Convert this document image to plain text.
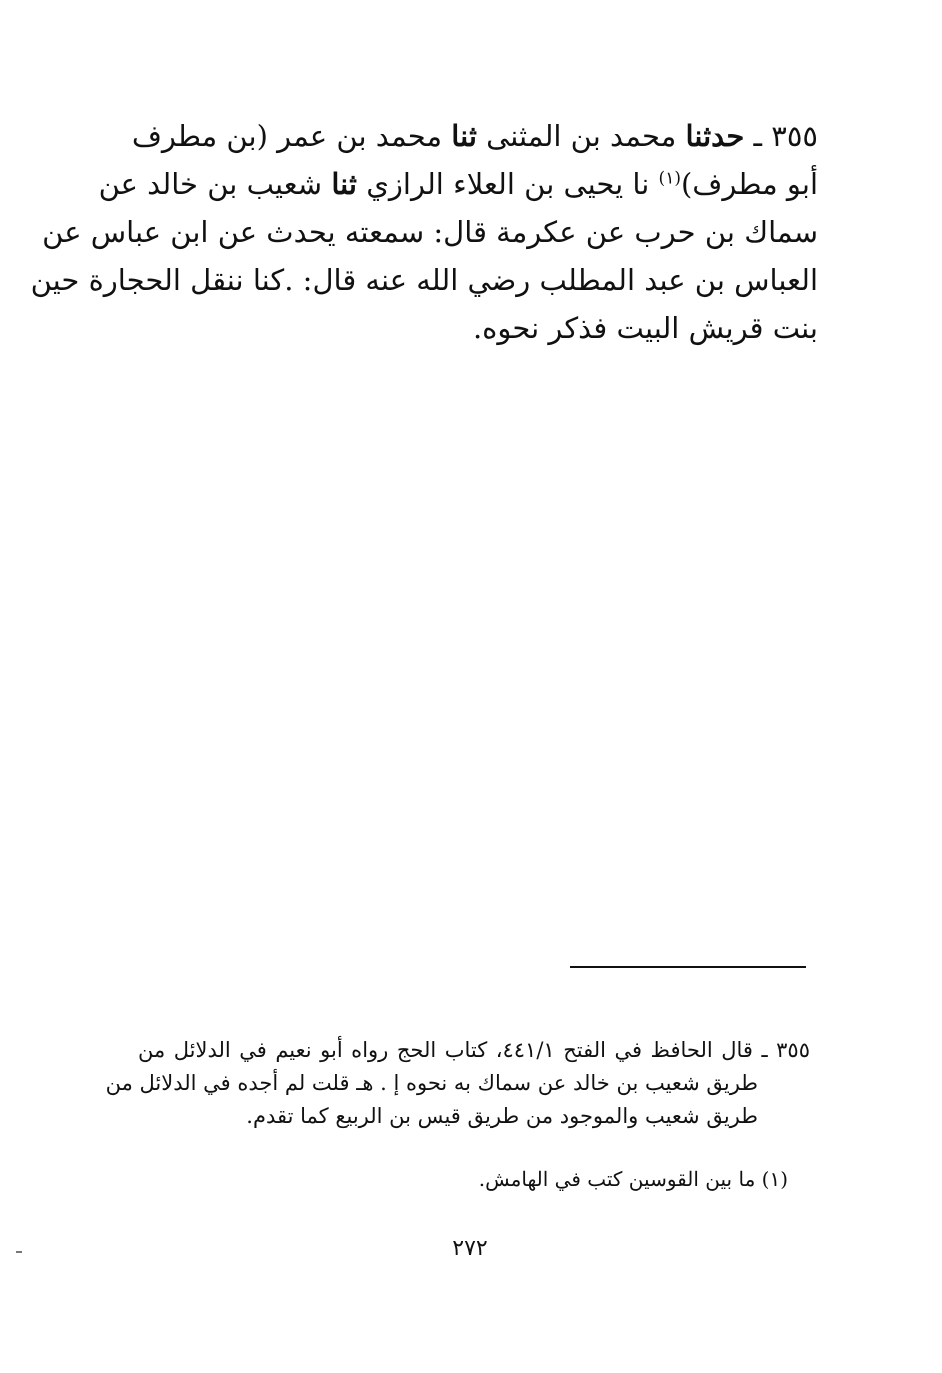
٣٥٥ ـ حدثنا محمد بن المثنى ثنا محمد بن عمر (بن مطرف
أبو مطرف)$^{(١)}$ نا يحيى بن العلاء الرازي ثنا شعيب بن خالد عن
سماك بن حرب عن عكرمة قال: سمعته يحدث عن ابن عباس عن
العباس بن عبد المطلب رضي الله عنه قال: .كنا ننقل الحجارة حين
بنت قريش البيت فذكر نحوه.
٣٥٥ ـ قال الحافظ في الفتح ٤٤١/١، كتاب الحج رواه أبو نعيم في الدلائل من
طريق شعيب بن خالد عن سماك به نحوه إ . هـ قلت لم أجده في الدلائل من
طريق شعيب والموجود من طريق قيس بن الربيع كما تقدم.
(١) ما بين القوسين كتب في الهامش.
٢٧٢
